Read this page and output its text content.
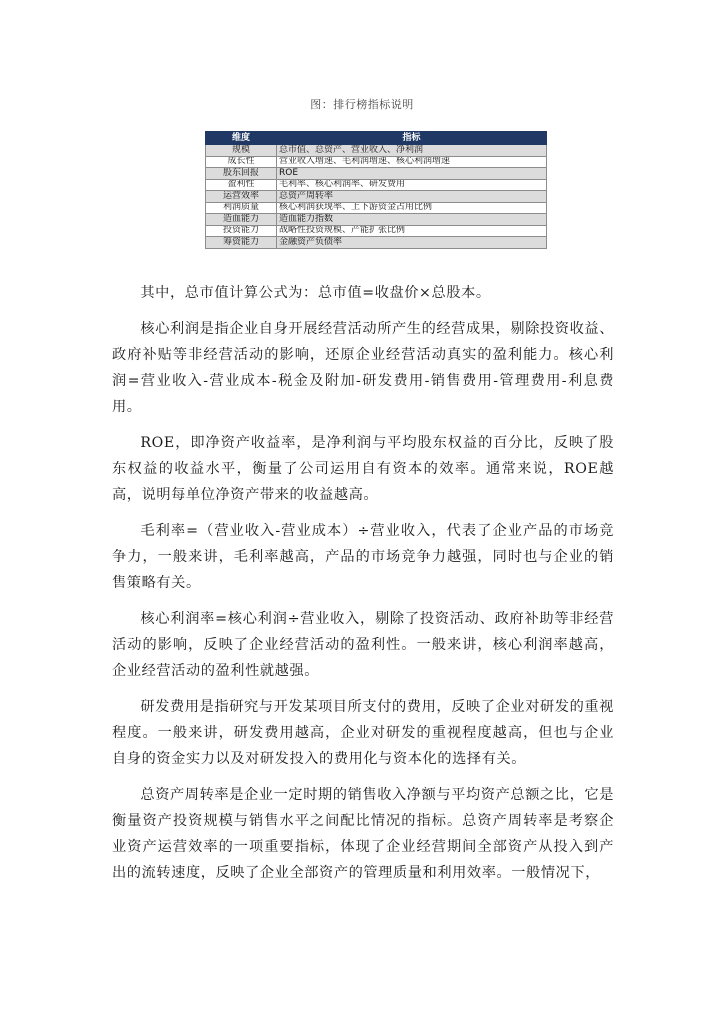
图：排行榜指标说明
维度	指标
规模	总市值、总资产、营业收入、净利润
成长性	营业收入增速、毛利润增速、核心利润增速
股东回报	ROE
盈利性	毛利率、核心利润率、研发费用
运营效率	总资产周转率
利润质量	核心利润获现率、上下游资金占用比例
造血能力	造血能力指数
投资能力	战略性投资规模、产能扩张比例
筹资能力	金融资产负债率

其中，总市值计算公式为：总市值=收盘价×总股本。

核心利润是指企业自身开展经营活动所产生的经营成果，剔除投资收益、政府补贴等非经营活动的影响，还原企业经营活动真实的盈利能力。核心利润=营业收入-营业成本-税金及附加-研发费用-销售费用-管理费用-利息费用。

ROE，即净资产收益率，是净利润与平均股东权益的百分比，反映了股东权益的收益水平，衡量了公司运用自有资本的效率。通常来说，ROE越高，说明每单位净资产带来的收益越高。

毛利率=（营业收入-营业成本）÷营业收入，代表了企业产品的市场竞争力，一般来讲，毛利率越高，产品的市场竞争力越强，同时也与企业的销售策略有关。

核心利润率=核心利润÷营业收入，剔除了投资活动、政府补助等非经营活动的影响，反映了企业经营活动的盈利性。一般来讲，核心利润率越高，企业经营活动的盈利性就越强。

研发费用是指研究与开发某项目所支付的费用，反映了企业对研发的重视程度。一般来讲，研发费用越高，企业对研发的重视程度越高，但也与企业自身的资金实力以及对研发投入的费用化与资本化的选择有关。

总资产周转率是企业一定时期的销售收入净额与平均资产总额之比，它是衡量资产投资规模与销售水平之间配比情况的指标。总资产周转率是考察企业资产运营效率的一项重要指标，体现了企业经营期间全部资产从投入到产出的流转速度，反映了企业全部资产的管理质量和利用效率。一般情况下，
